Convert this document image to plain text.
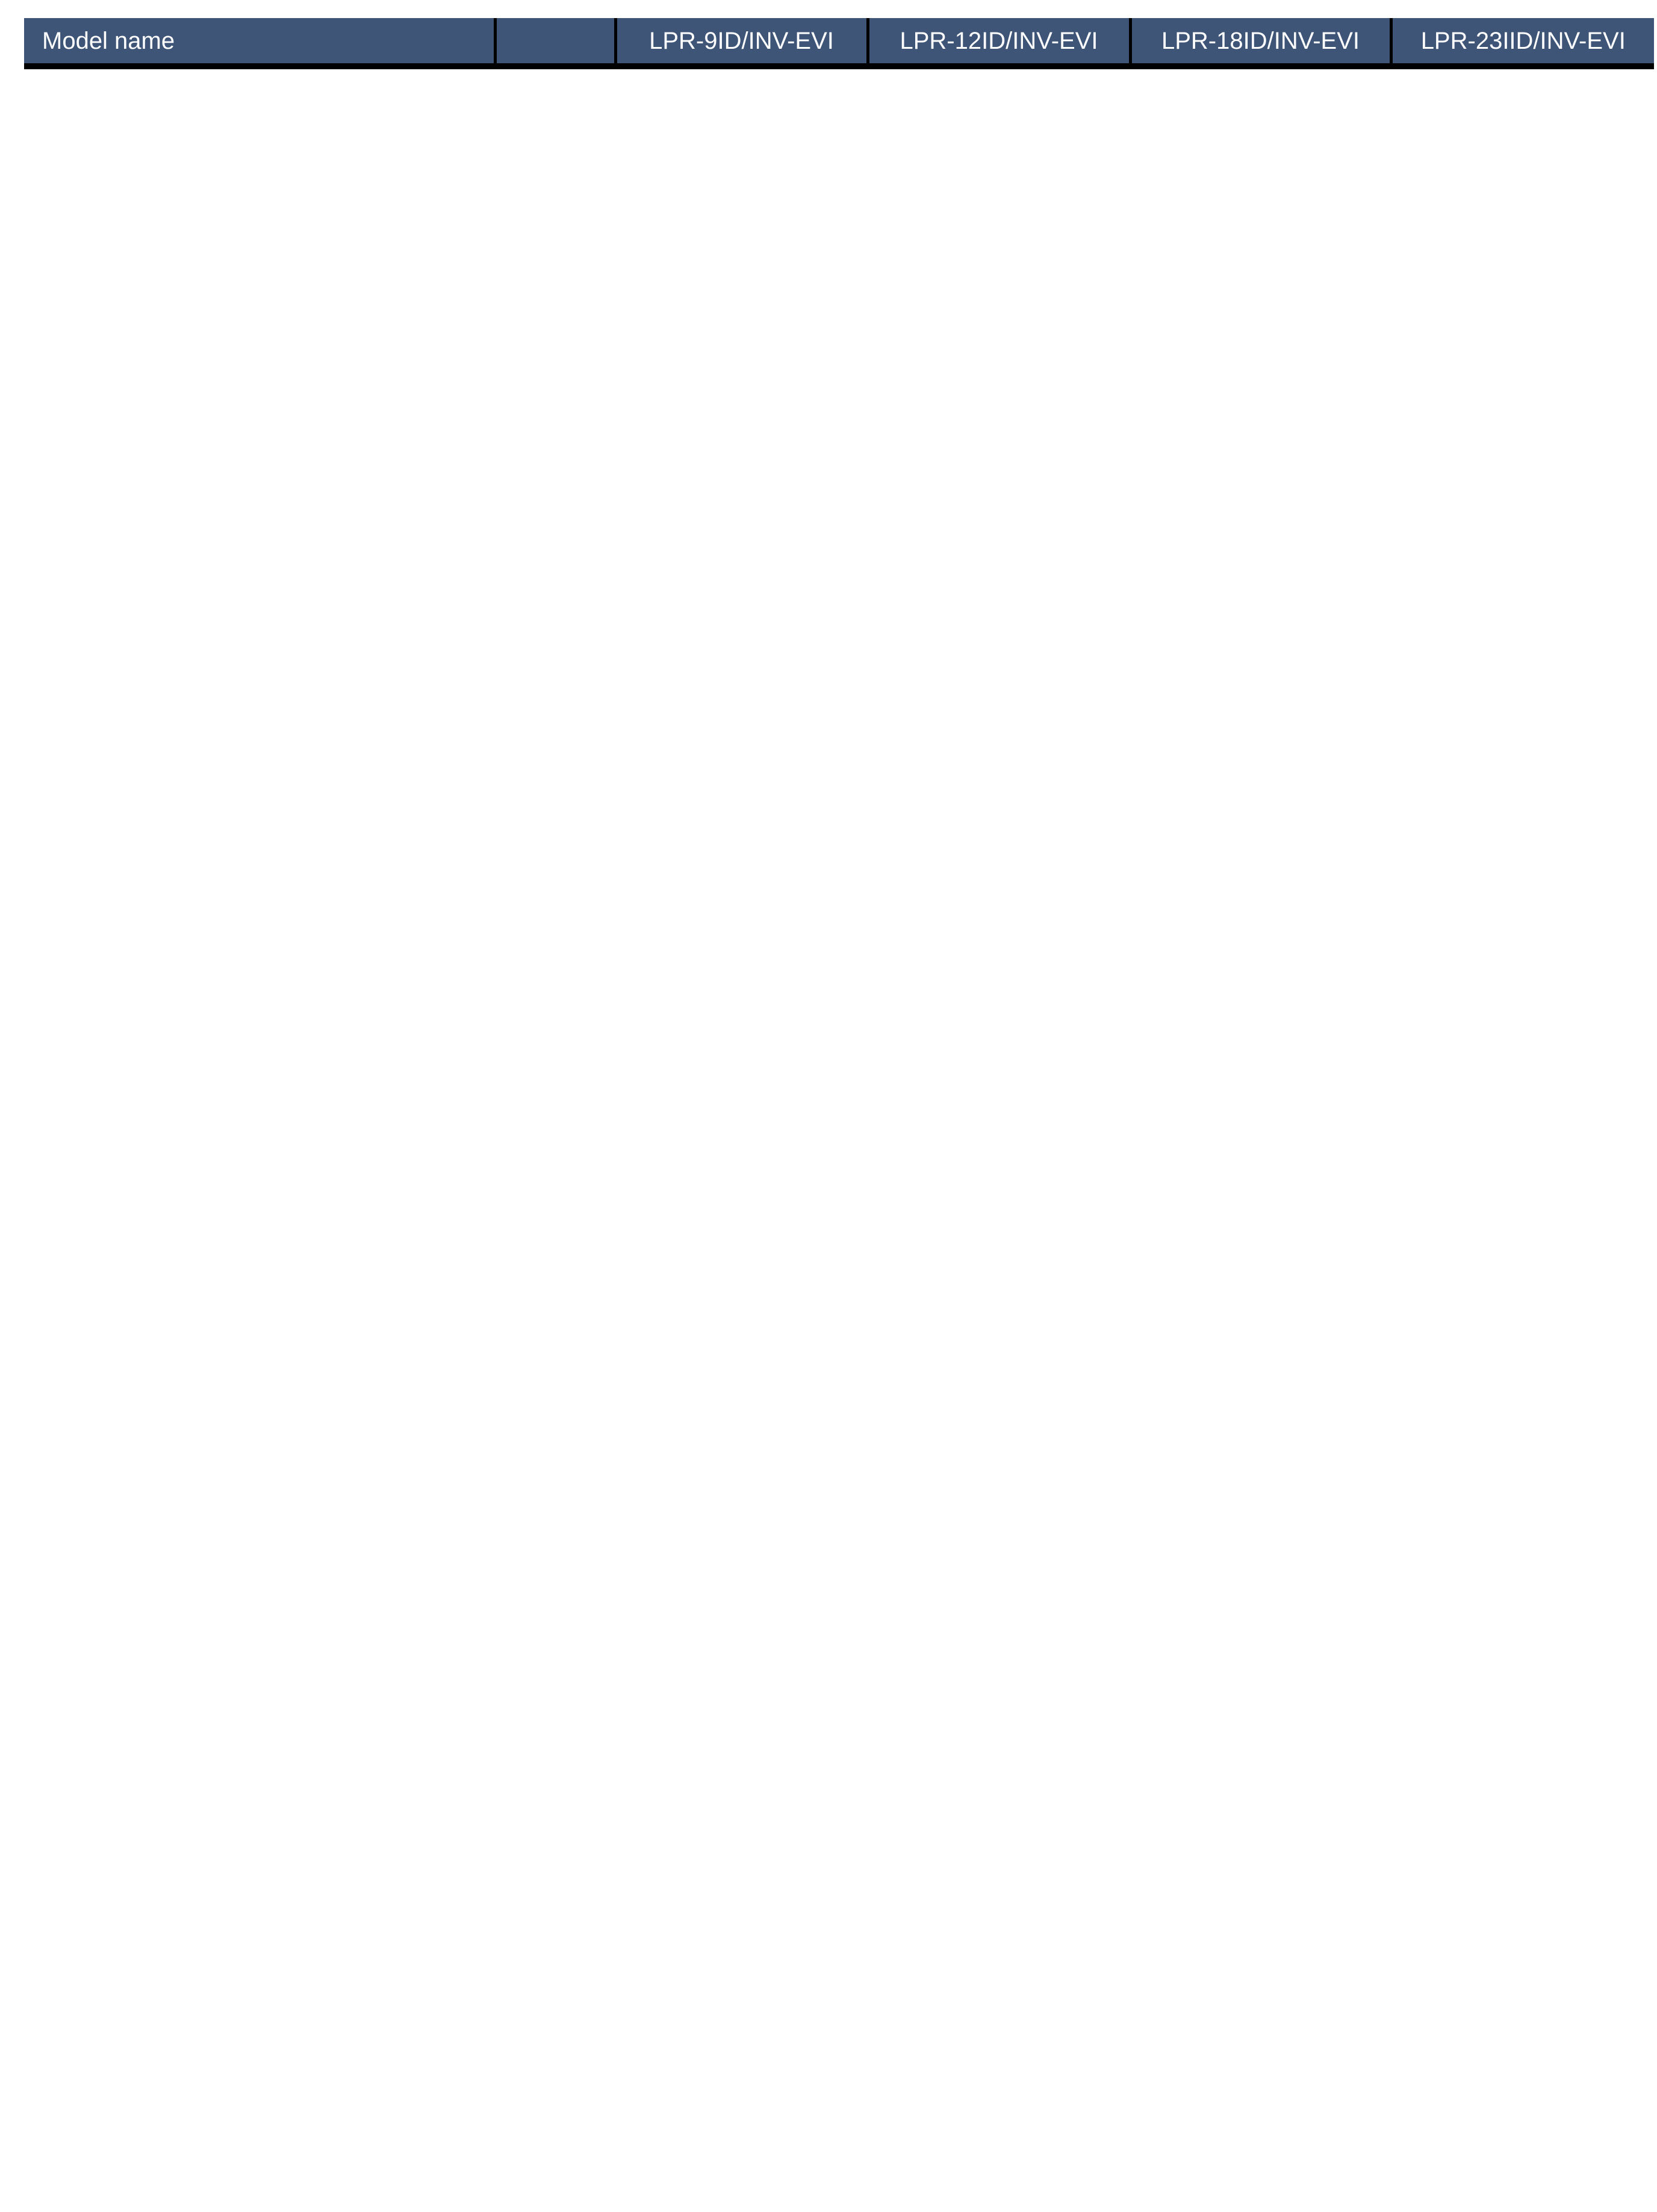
Model name		LPR-9ID/INV-EVI	LPR-12ID/INV-EVI	LPR-18ID/INV-EVI	LPR-23IID/INV-EVI
